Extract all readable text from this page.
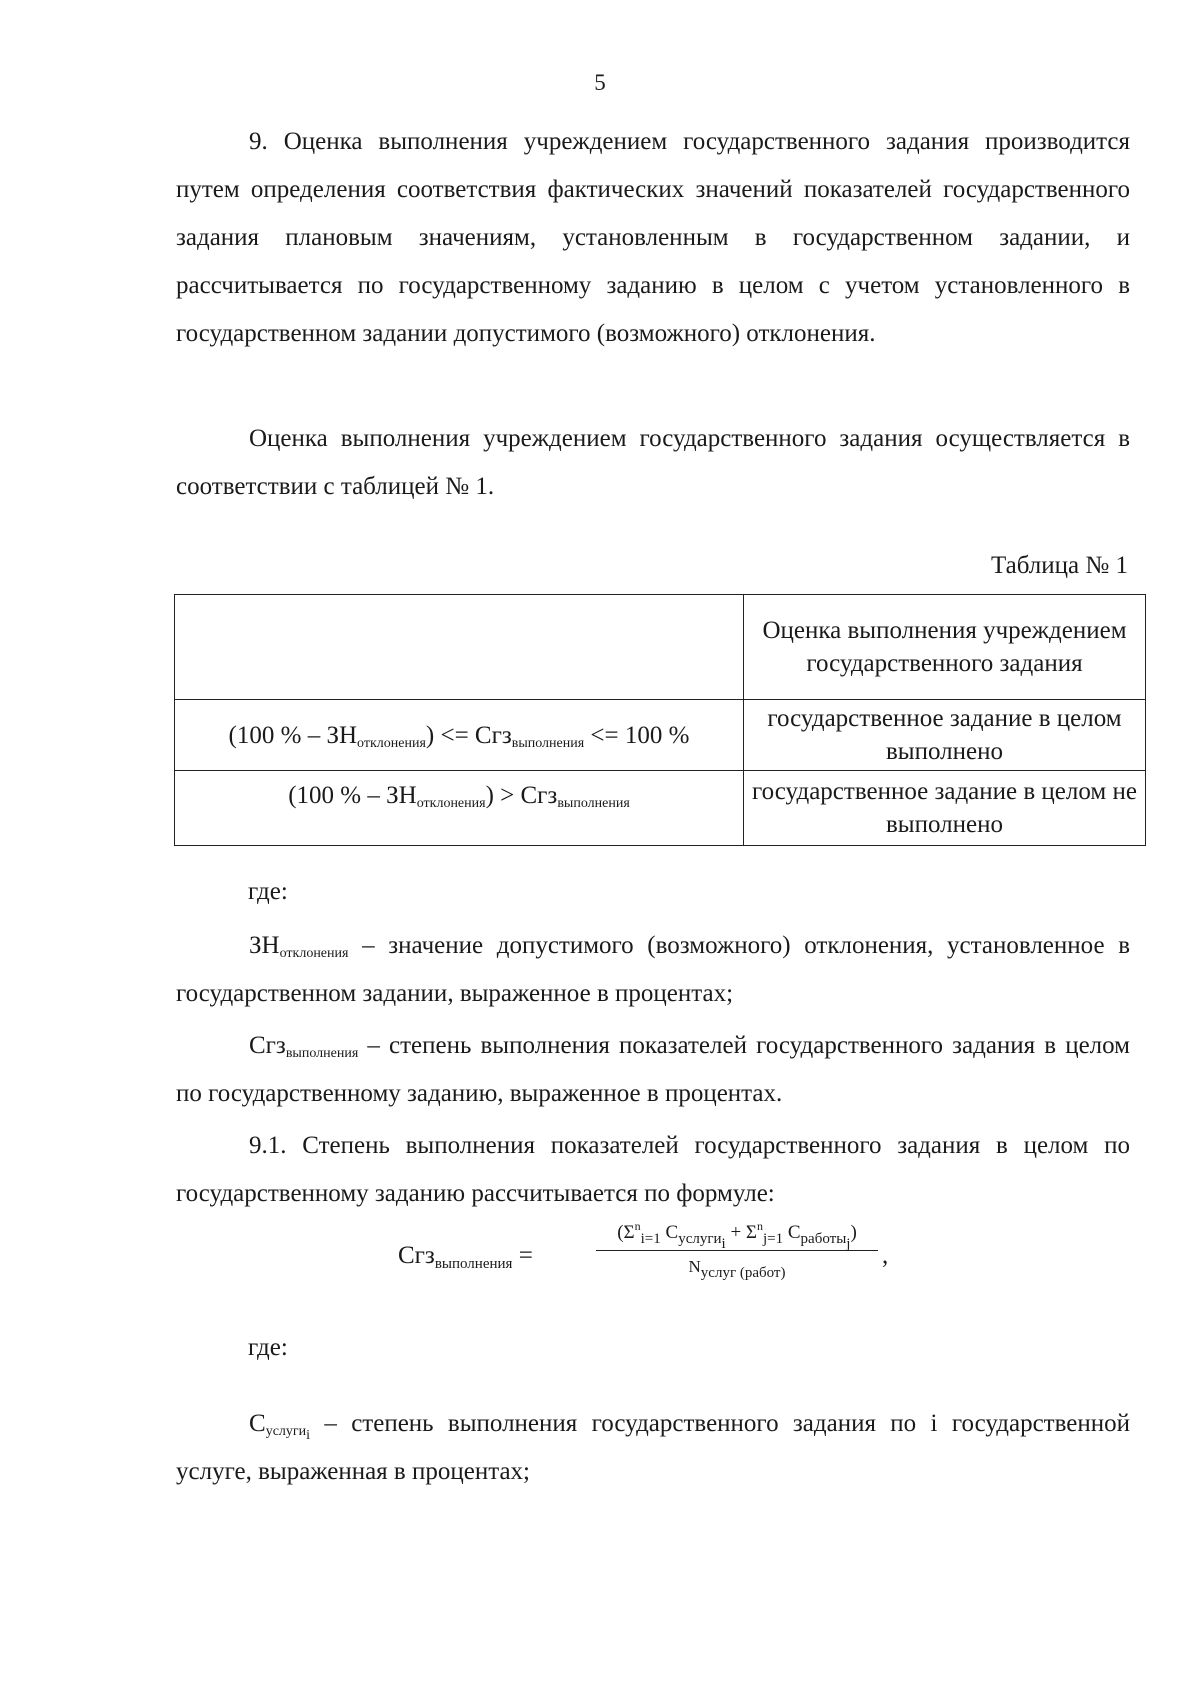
5
9. Оценка выполнения учреждением государственного задания производится путем определения соответствия фактических значений показателей государственного задания плановым значениям, установленным в государственном задании, и рассчитывается по государственному заданию в целом с учетом установленного в государственном задании допустимого (возможного) отклонения.
Оценка выполнения учреждением государственного задания осуществляется в соответствии с таблицей № 1.
Таблица № 1
	Оценка выполнения учреждением государственного задания
(100 % – $ЗН_{отклонения}) <= Сгз_{выполнения} <= 100$ %	государственное задание в целом выполнено
(100 % – $ЗН_{отклонения}) > Сгз_{выполнения}$	государственное задание в целом не выполнено
где:
$ЗН_{отклонения}$ – значение допустимого (возможного) отклонения, установленное в государственном задании, выраженное в процентах;
Сгз$_{выполнения}$ – степень выполнения показателей государственного задания в целом по государственному заданию, выраженное в процентах.
9.1. Степень выполнения показателей государственного задания в целом по государственному заданию рассчитывается по формуле:
Сгз$_{выполнения}$ =
($\Sigma^n_{i=1}$ $С_{услуги_i} + \Sigma^n_{j=1}$ $С_{работы_j}$)
$N_{услуг (работ)}$
,
где:
$С_{услуги_i}$ – степень выполнения государственного задания по i государственной услуге, выраженная в процентах;
